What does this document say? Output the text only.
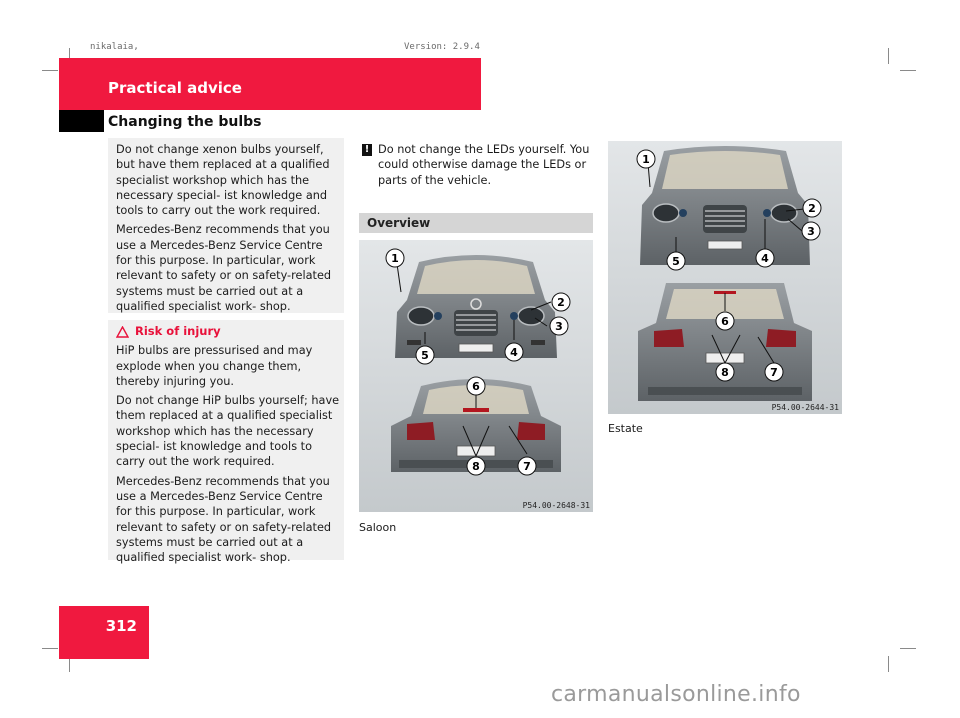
nikalaia,	Version: 2.9.4
Practical advice
Changing the bulbs

Do not change xenon bulbs yourself, but have them replaced at a qualified specialist workshop which has the necessary special- ist knowledge and tools to carry out the work required.

Mercedes-Benz recommends that you use a Mercedes-Benz Service Centre for this purpose. In particular, work relevant to safety or on safety-related systems must be carried out at a qualified specialist work- shop.

Risk of injury

HiP bulbs are pressurised and may explode when you change them, thereby injuring you.

Do not change HiP bulbs yourself; have them replaced at a qualified specialist workshop which has the necessary special- ist knowledge and tools to carry out the work required.

Mercedes-Benz recommends that you use a Mercedes-Benz Service Centre for this purpose. In particular, work relevant to safety or on safety-related systems must be carried out at a qualified specialist work- shop.

! Do not change the LEDs yourself. You could otherwise damage the LEDs or parts of the vehicle.
Overview
1
2
3
4
5
6
7
8
P54.00-2648-31
Saloon
1
2
3
4
5
6
7
8
P54.00-2644-31
Estate
312
carmanualsonline.info
